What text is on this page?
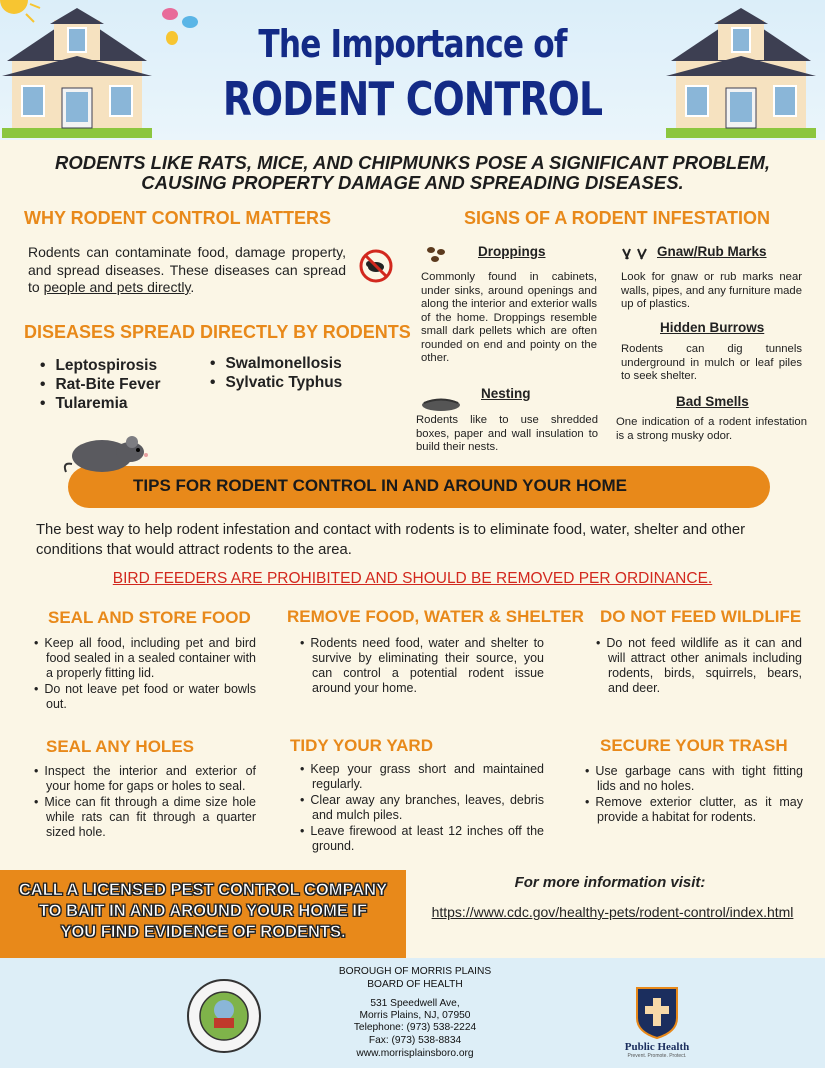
The Importance of
RODENT CONTROL
RODENTS LIKE RATS, MICE, AND CHIPMUNKS POSE A SIGNIFICANT PROBLEM, CAUSING PROPERTY DAMAGE AND SPREADING DISEASES.
WHY RODENT CONTROL MATTERS
Rodents can contaminate food, damage property, and spread diseases. These diseases can spread to people and pets directly.
DISEASES SPREAD DIRECTLY BY RODENTS
• Leptospirosis
• Rat-Bite Fever
• Tularemia
• Swalmonellosis
• Sylvatic Typhus
SIGNS OF A RODENT INFESTATION
Droppings
Commonly found in cabinets, under sinks, around openings and along the interior and exterior walls of the home. Droppings resemble small dark pellets which are often rounded on end and pointy on the other.
Nesting
Rodents like to use shredded boxes, paper and wall insulation to build their nests.
Gnaw/Rub Marks
Look for gnaw or rub marks near walls, pipes, and any furniture made up of plastics.
Hidden Burrows
Rodents can dig tunnels underground in mulch or leaf piles to seek shelter.
Bad Smells
One indication of a rodent infestation is a strong musky odor.
TIPS FOR RODENT CONTROL IN AND AROUND YOUR HOME
The best way to help rodent infestation and contact with rodents is to eliminate food, water, shelter and other conditions that would attract rodents to the area.
BIRD FEEDERS ARE PROHIBITED AND SHOULD BE REMOVED PER ORDINANCE.
SEAL AND STORE FOOD
• Keep all food, including pet and bird food sealed in a sealed container with a properly fitting lid.
• Do not leave pet food or water bowls out.
REMOVE FOOD, WATER & SHELTER
• Rodents need food, water and shelter to survive by eliminating their source, you can control a potential rodent issue around your home.
DO NOT FEED WILDLIFE
• Do not feed wildlife as it can and will attract other animals including rodents, birds, squirrels, bears, and deer.
SEAL ANY HOLES
• Inspect the interior and exterior of your home for gaps or holes to seal.
• Mice can fit through a dime size hole while rats can fit through a quarter sized hole.
TIDY YOUR YARD
• Keep your grass short and maintained regularly.
• Clear away any branches, leaves, debris and mulch piles.
• Leave firewood at least 12 inches off the ground.
SECURE YOUR TRASH
• Use garbage cans with tight fitting lids and no holes.
• Remove exterior clutter, as it may provide a habitat for rodents.
CALL A LICENSED PEST CONTROL COMPANY
TO BAIT IN AND AROUND YOUR HOME IF
YOU FIND EVIDENCE OF RODENTS.
For more information visit:
https://www.cdc.gov/healthy-pets/rodent-control/index.html
BOROUGH OF MORRIS PLAINS
BOARD OF HEALTH
531 Speedwell Ave,
Morris Plains, NJ, 07950
Telephone: (973) 538-2224
Fax: (973) 538-8834
www.morrisplainsboro.org
Public Health
Prevent. Promote. Protect.
